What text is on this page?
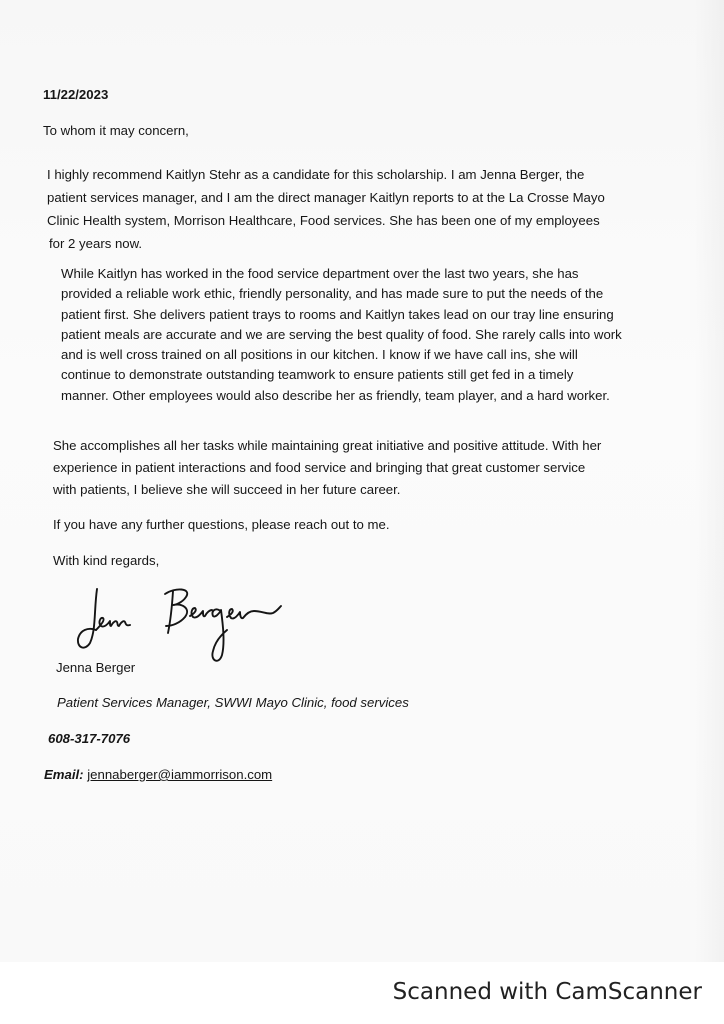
11/22/2023
To whom it may concern,
I highly recommend Kaitlyn Stehr as a candidate for this scholarship. I am Jenna Berger, the
patient services manager, and I am the direct manager Kaitlyn reports to at the La Crosse Mayo
Clinic Health system, Morrison Healthcare, Food services. She has been one of my employees
for 2 years now.
While Kaitlyn has worked in the food service department over the last two years, she has
provided a reliable work ethic, friendly personality, and has made sure to put the needs of the
patient first. She delivers patient trays to rooms and Kaitlyn takes lead on our tray line ensuring
patient meals are accurate and we are serving the best quality of food. She rarely calls into work
and is well cross trained on all positions in our kitchen. I know if we have call ins, she will
continue to demonstrate outstanding teamwork to ensure patients still get fed in a timely
manner. Other employees would also describe her as friendly, team player, and a hard worker.
She accomplishes all her tasks while maintaining great initiative and positive attitude. With her
experience in patient interactions and food service and bringing that great customer service
with patients, I believe she will succeed in her future career.
If you have any further questions, please reach out to me.
With kind regards,
Jenna Berger
Patient Services Manager, SWWI Mayo Clinic, food services
608-317-7076
Email: jennaberger@iammorrison.com
Scanned with CamScanner
